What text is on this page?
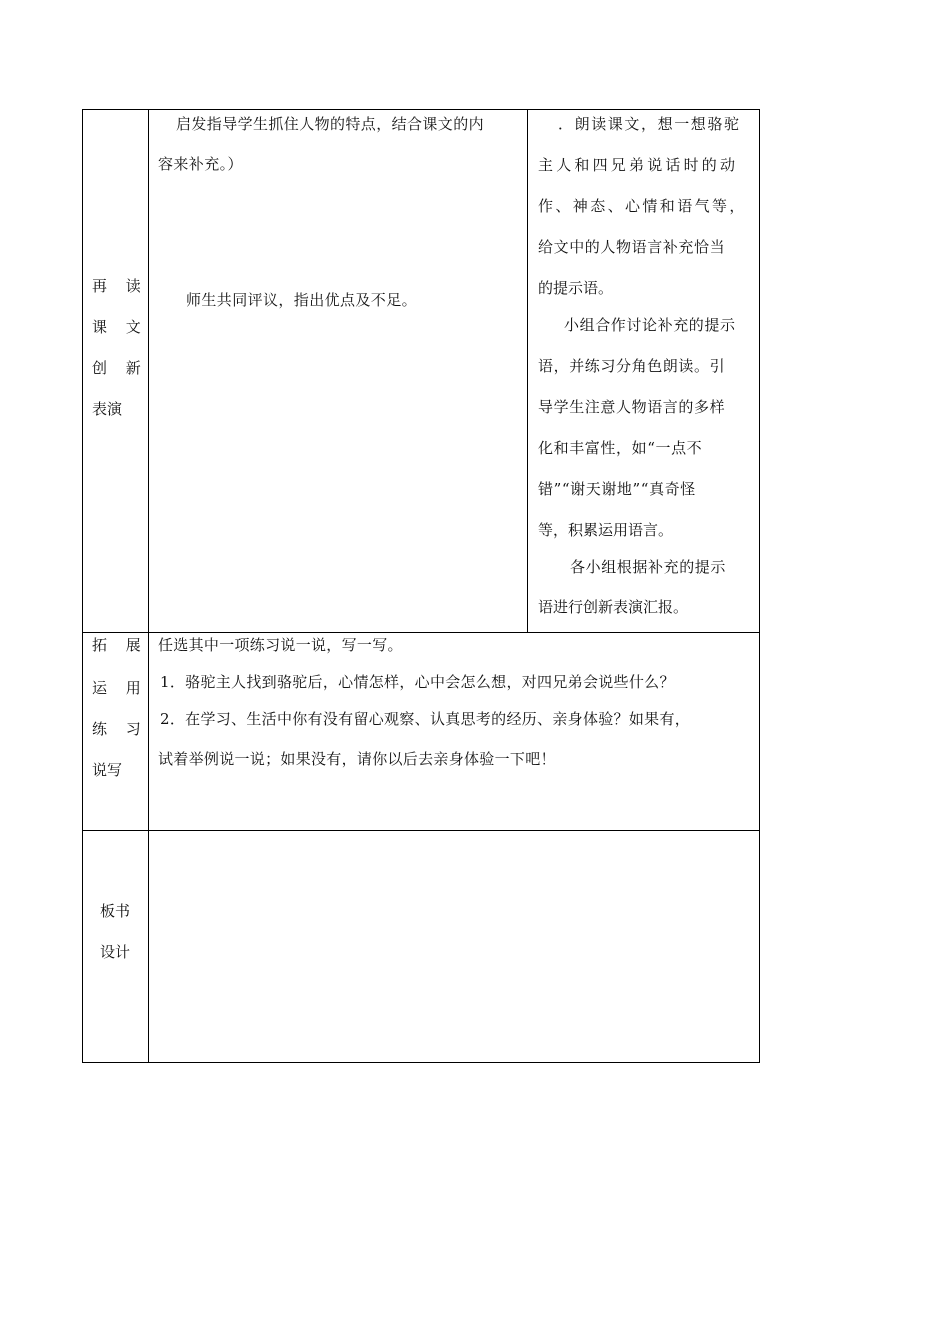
再 读
课 文
创 新
表演
启发指导学生抓住人物的特点，结合课文的内
容来补充。）
师生共同评议，指出优点及不足。
．朗读课文，想一想骆驼
主人和四兄弟说话时的动
作、神态、心情和语气等，
给文中的人物语言补充恰当
的提示语。
小组合作讨论补充的提示
语，并练习分角色朗读。引
导学生注意人物语言的多样
化和丰富性，如“一点不
错”“谢天谢地”“真奇怪
等，积累运用语言。
各小组根据补充的提示
语进行创新表演汇报。
拓 展
运 用
练 习
说写
任选其中一项练习说一说，写一写。
1．骆驼主人找到骆驼后，心情怎样，心中会怎么想，对四兄弟会说些什么？
2．在学习、生活中你有没有留心观察、认真思考的经历、亲身体验？如果有，
试着举例说一说；如果没有，请你以后去亲身体验一下吧！
板书
设计
